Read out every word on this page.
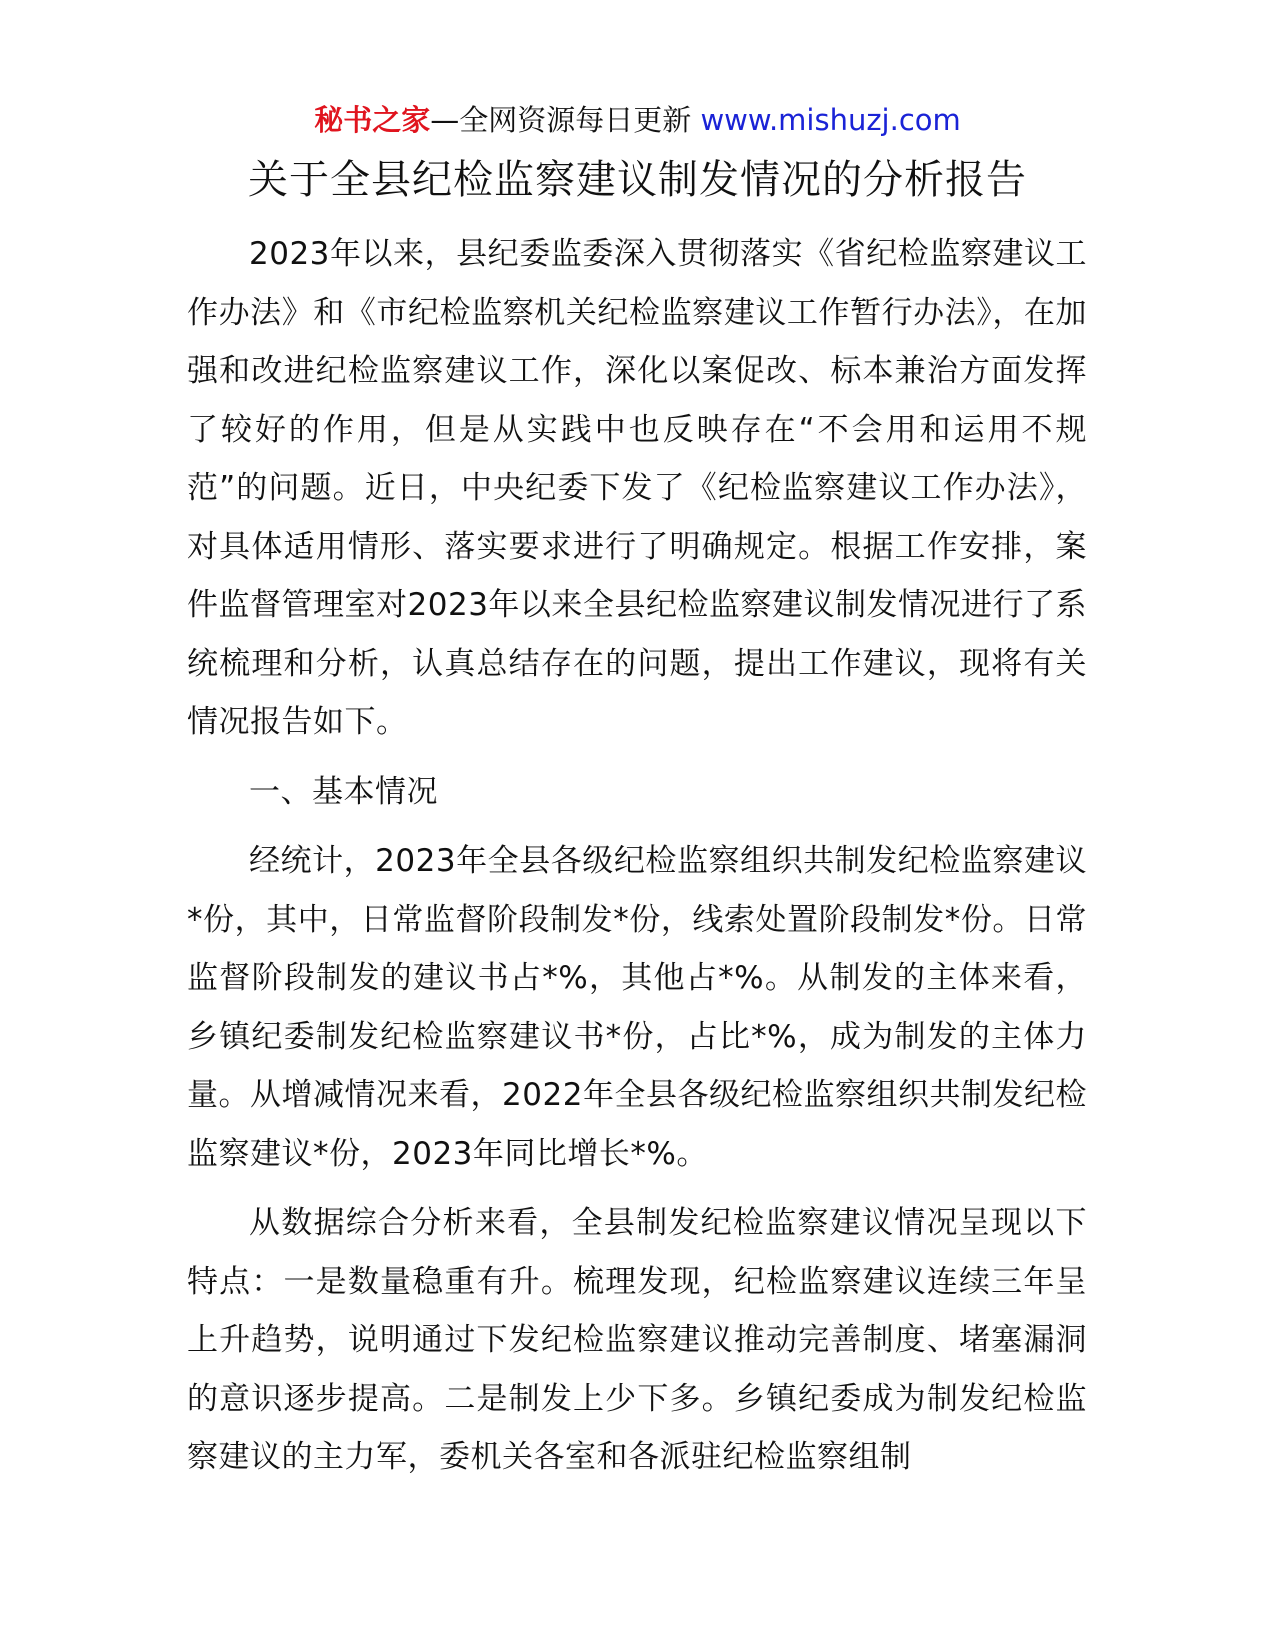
秘书之家—全网资源每日更新 www.mishuzj.com
关于全县纪检监察建议制发情况的分析报告

2023年以来，县纪委监委深入贯彻落实《省纪检监察建议工作办法》和《市纪检监察机关纪检监察建议工作暂行办法》，在加强和改进纪检监察建议工作，深化以案促改、标本兼治方面发挥了较好的作用，但是从实践中也反映存在“不会用和运用不规范”的问题。近日，中央纪委下发了《纪检监察建议工作办法》，对具体适用情形、落实要求进行了明确规定。根据工作安排，案件监督管理室对2023年以来全县纪检监察建议制发情况进行了系统梳理和分析，认真总结存在的问题，提出工作建议，现将有关情况报告如下。

一、基本情况

经统计，2023年全县各级纪检监察组织共制发纪检监察建议*份，其中，日常监督阶段制发*份，线索处置阶段制发*份。日常监督阶段制发的建议书占*%，其他占*%。从制发的主体来看，乡镇纪委制发纪检监察建议书*份，占比*%，成为制发的主体力量。从增减情况来看，2022年全县各级纪检监察组织共制发纪检监察建议*份，2023年同比增长*%。

从数据综合分析来看，全县制发纪检监察建议情况呈现以下特点：一是数量稳重有升。梳理发现，纪检监察建议连续三年呈上升趋势，说明通过下发纪检监察建议推动完善制度、堵塞漏洞的意识逐步提高。二是制发上少下多。乡镇纪委成为制发纪检监察建议的主力军，委机关各室和各派驻纪检监察组制
